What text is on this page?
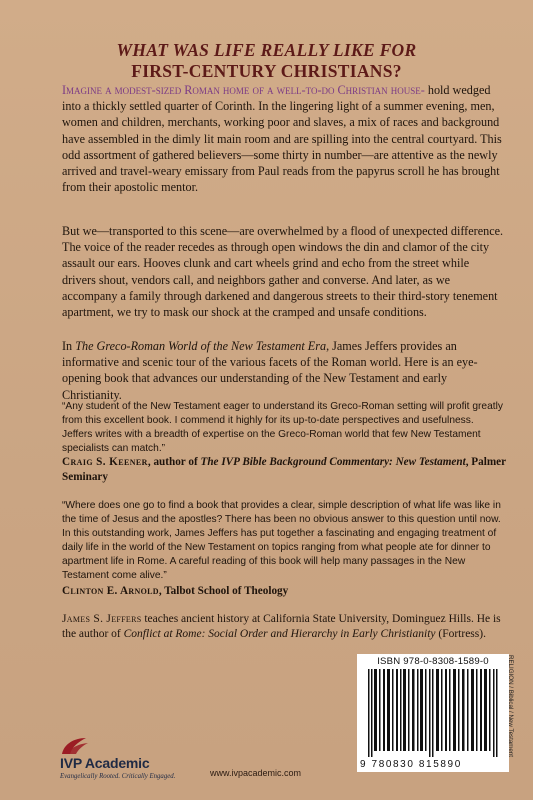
WHAT WAS LIFE REALLY LIKE FOR
FIRST-CENTURY CHRISTIANS?
Imagine a modest-sized Roman home of a well-to-do Christian house- hold wedged into a thickly settled quarter of Corinth. In the lingering light of a summer evening, men, women and children, merchants, working poor and slaves, a mix of races and background have assembled in the dimly lit main room and are spilling into the central courtyard. This odd assortment of gathered believers—some thirty in number—are attentive as the newly arrived and travel-weary emissary from Paul reads from the papyrus scroll he has brought from their apostolic mentor.
But we—transported to this scene—are overwhelmed by a flood of unexpected difference. The voice of the reader recedes as through open windows the din and clamor of the city assault our ears. Hooves clunk and cart wheels grind and echo from the street while drivers shout, vendors call, and neighbors gather and converse. And later, as we accompany a family through darkened and dangerous streets to their third-story tenement apartment, we try to mask our shock at the cramped and unsafe conditions.
In The Greco-Roman World of the New Testament Era, James Jeffers provides an informative and scenic tour of the various facets of the Roman world. Here is an eye-opening book that advances our understanding of the New Testament and early Christianity.
“Any student of the New Testament eager to understand its Greco-Roman setting will profit greatly from this excellent book. I commend it highly for its up-to-date perspectives and usefulness. Jeffers writes with a breadth of expertise on the Greco-Roman world that few New Testament specialists can match.”
Craig S. Keener, author of The IVP Bible Background Commentary: New Testament, Palmer Seminary
“Where does one go to find a book that provides a clear, simple description of what life was like in the time of Jesus and the apostles? There has been no obvious answer to this question until now. In this outstanding work, James Jeffers has put together a fascinating and engaging treatment of daily life in the world of the New Testament on topics ranging from what people ate for dinner to apartment life in Rome. A careful reading of this book will help many passages in the New Testament come alive.”
Clinton E. Arnold, Talbot School of Theology
James S. Jeffers teaches ancient history at California State University, Dominguez Hills. He is the author of Conflict at Rome: Social Order and Hierarchy in Early Christianity (Fortress).
ISBN 978-0-8308-1589-0
9 780830 815890
RELIGION / Biblical / New Testament
IVP Academic
Evangelically Rooted. Critically Engaged.	www.ivpacademic.com
